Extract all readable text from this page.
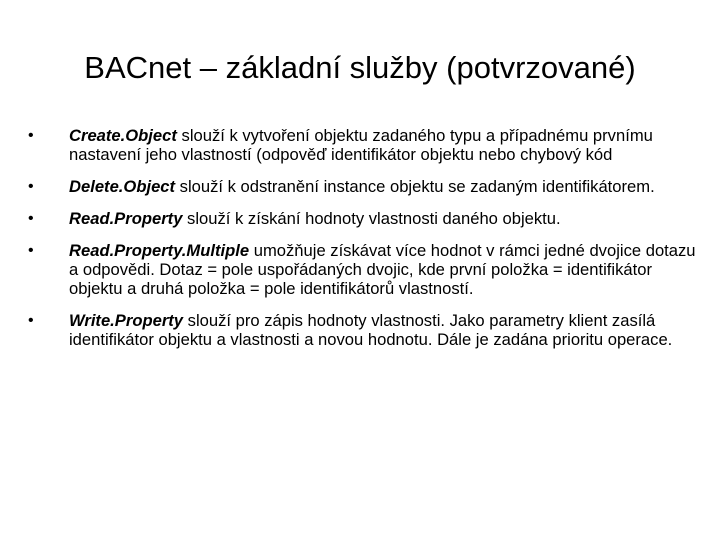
BACnet – základní služby (potvrzované)
•	Create.Object slouží k vytvoření objektu zadaného typu a případnému prvnímu nastavení jeho vlastností (odpověď identifikátor objektu nebo chybový kód
•	Delete.Object slouží k odstranění instance objektu se zadaným identifikátorem.
•	Read.Property slouží k získání hodnoty vlastnosti daného objektu.
•	Read.Property.Multiple umožňuje získávat více hodnot v rámci jedné dvojice dotazu a odpovědi. Dotaz = pole uspořádaných dvojic, kde první položka = identifikátor objektu a druhá položka = pole identifikátorů vlastností.
•	Write.Property slouží pro zápis hodnoty vlastnosti. Jako parametry klient zasílá identifikátor objektu a vlastnosti a novou hodnotu. Dále je zadána prioritu operace.
